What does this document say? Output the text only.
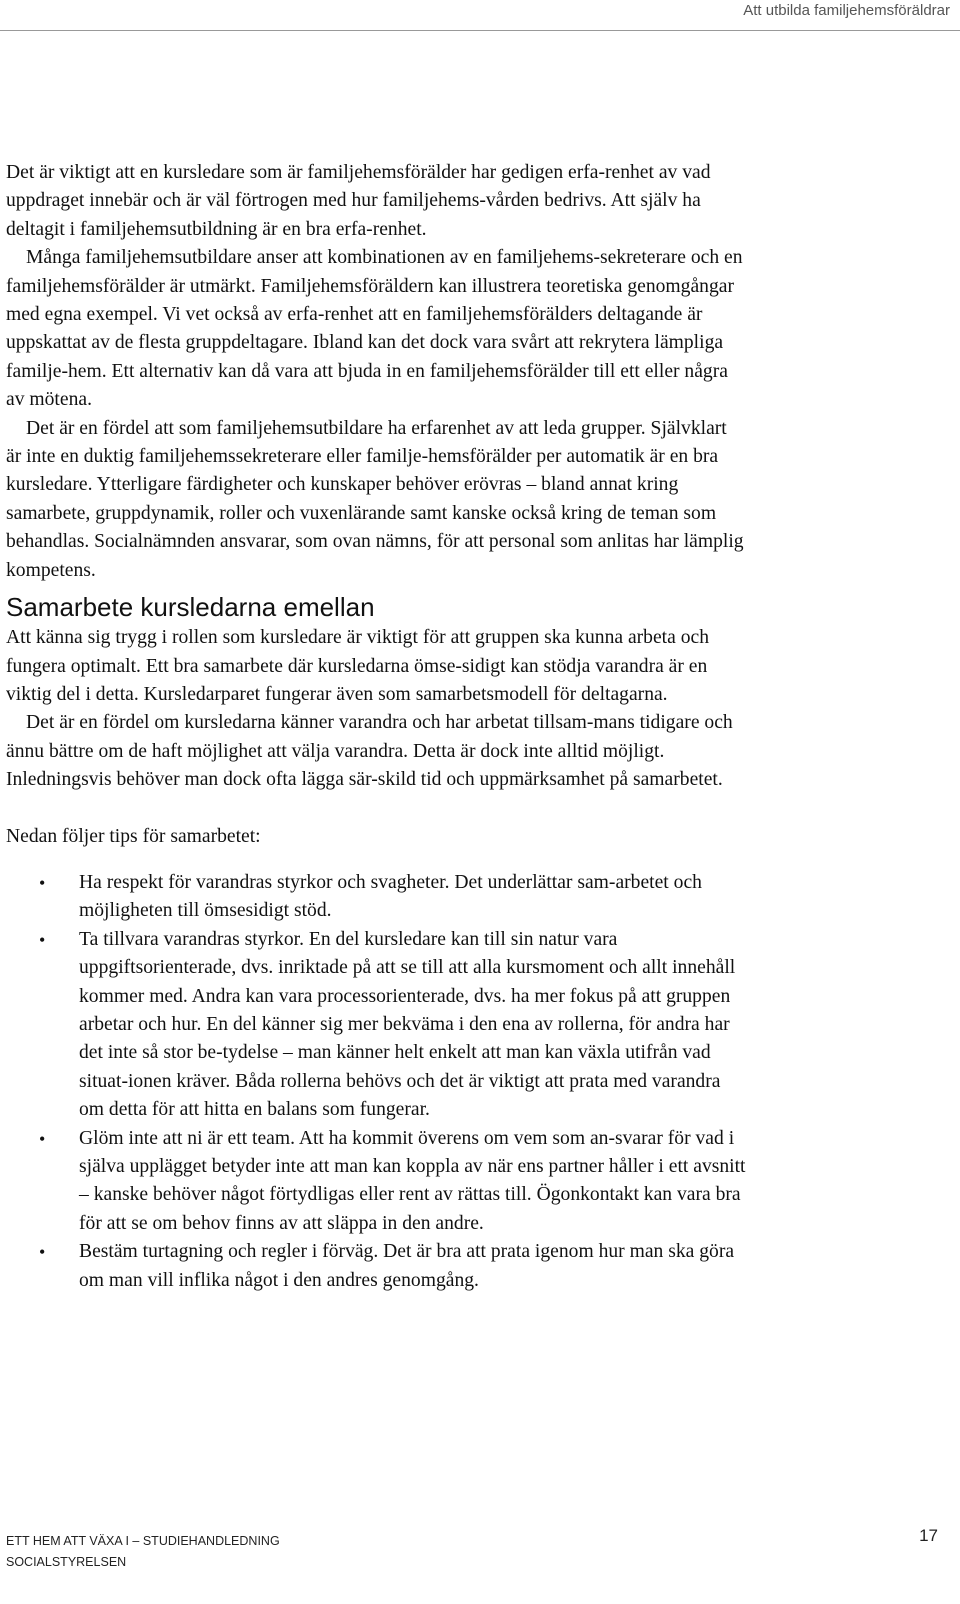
Att utbilda familjehemsföräldrar

Det är viktigt att en kursledare som är familjehemsförälder har gedigen erfa-renhet av vad uppdraget innebär och är väl förtrogen med hur familjehems-vården bedrivs. Att själv ha deltagit i familjehemsutbildning är en bra erfa-renhet.

Många familjehemsutbildare anser att kombinationen av en familjehems-sekreterare och en familjehemsförälder är utmärkt. Familjehemsföräldern kan illustrera teoretiska genomgångar med egna exempel. Vi vet också av erfa-renhet att en familjehemsförälders deltagande är uppskattat av de flesta gruppdeltagare. Ibland kan det dock vara svårt att rekrytera lämpliga familje-hem. Ett alternativ kan då vara att bjuda in en familjehemsförälder till ett eller några av mötena.

Det är en fördel att som familjehemsutbildare ha erfarenhet av att leda grupper. Självklart är inte en duktig familjehemssekreterare eller familje-hemsförälder per automatik är en bra kursledare. Ytterligare färdigheter och kunskaper behöver erövras – bland annat kring samarbete, gruppdynamik, roller och vuxenlärande samt kanske också kring de teman som behandlas. Socialnämnden ansvarar, som ovan nämns, för att personal som anlitas har lämplig kompetens.

Samarbete kursledarna emellan

Att känna sig trygg i rollen som kursledare är viktigt för att gruppen ska kunna arbeta och fungera optimalt. Ett bra samarbete där kursledarna ömse-sidigt kan stödja varandra är en viktig del i detta. Kursledarparet fungerar även som samarbetsmodell för deltagarna.

Det är en fördel om kursledarna känner varandra och har arbetat tillsam-mans tidigare och ännu bättre om de haft möjlighet att välja varandra. Detta är dock inte alltid möjligt. Inledningsvis behöver man dock ofta lägga sär-skild tid och uppmärksamhet på samarbetet.

Nedan följer tips för samarbetet:

• Ha respekt för varandras styrkor och svagheter. Det underlättar sam-arbetet och möjligheten till ömsesidigt stöd.
• Ta tillvara varandras styrkor. En del kursledare kan till sin natur vara uppgiftsorienterade, dvs. inriktade på att se till att alla kursmoment och allt innehåll kommer med. Andra kan vara processorienterade, dvs. ha mer fokus på att gruppen arbetar och hur. En del känner sig mer bekväma i den ena av rollerna, för andra har det inte så stor be-tydelse – man känner helt enkelt att man kan växla utifrån vad situat-ionen kräver. Båda rollerna behövs och det är viktigt att prata med varandra om detta för att hitta en balans som fungerar.
• Glöm inte att ni är ett team. Att ha kommit överens om vem som an-svarar för vad i själva upplägget betyder inte att man kan koppla av när ens partner håller i ett avsnitt – kanske behöver något förtydligas eller rent av rättas till. Ögonkontakt kan vara bra för att se om behov finns av att släppa in den andre.
• Bestäm turtagning och regler i förväg. Det är bra att prata igenom hur man ska göra om man vill inflika något i den andres genomgång.
ETT HEM ATT VÄXA I – STUDIEHANDLEDNING
SOCIALSTYRELSEN
17
